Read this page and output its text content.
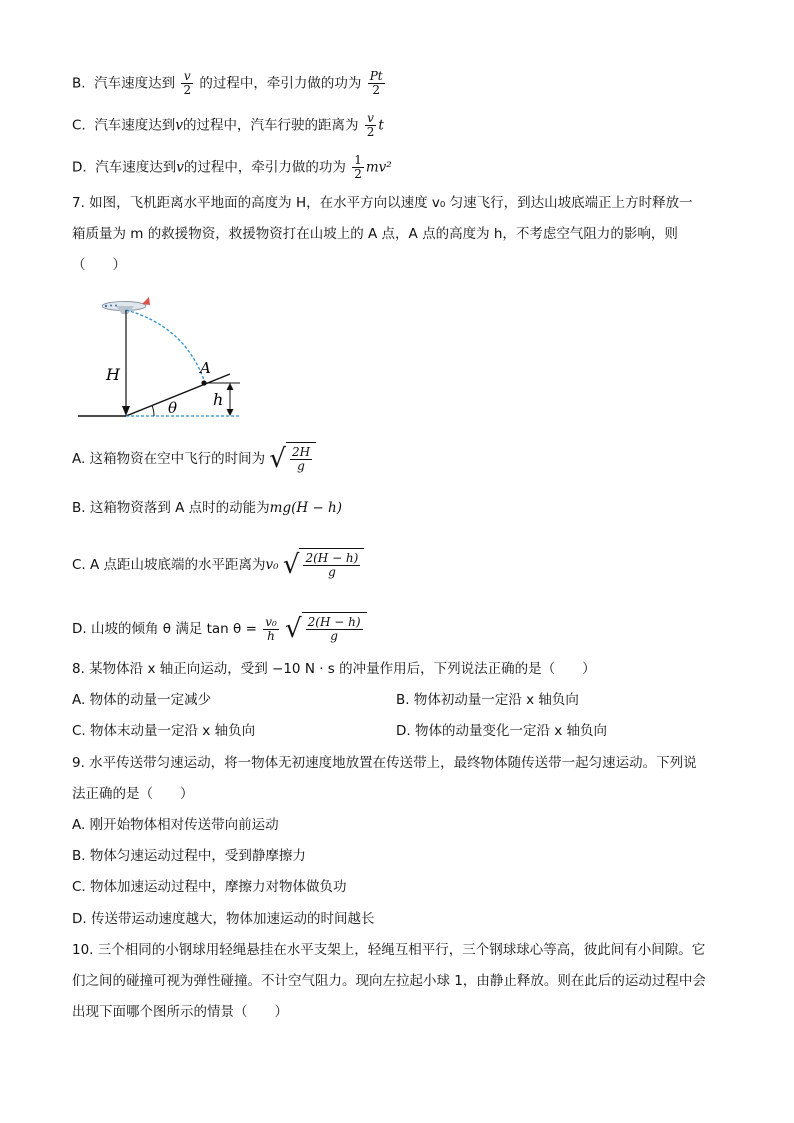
B. 汽车速度达到 $\frac{v}{2}$ 的过程中，牵引力做的功为 $\frac{Pt}{2}$
C. 汽车速度达到v的过程中，汽车行驶的距离为 $\frac{v}{2}$ t
D. 汽车速度达到v的过程中，牵引力做的功为 $\frac{1}{2} mv^2$
7. 如图，飞机距离水平地面的高度为 H，在水平方向以速度 v₀ 匀速飞行，到达山坡底端正上方时释放一
箱质量为 m 的救援物资，救援物资打在山坡上的 A 点，A 点的高度为 h，不考虑空气阻力的影响，则
（　　）
H	A
h
θ
A. 这箱物资在空中飞行的时间为 √ $\frac{2H}{g}$
B. 这箱物资落到 A 点时的动能为mg(H − h)
C. A 点距山坡底端的水平距离为v₀ √ $\frac{2(H - h)}{g}$
D. 山坡的倾角 θ 满足 $\tan \theta = \frac{\text{v₀}}{h}$
√ $\frac{2(H - h)}{g}$
8. 某物体沿 x 轴正向运动，受到 −10 N · s 的冲量作用后，下列说法正确的是（　　）
A. 物体的动量一定减少	B. 物体初动量一定沿 x 轴负向
C. 物体末动量一定沿 x 轴负向	D. 物体的动量变化一定沿 x 轴负向
9. 水平传送带匀速运动，将一物体无初速度地放置在传送带上，最终物体随传送带一起匀速运动。下列说
法正确的是（　　）
A. 刚开始物体相对传送带向前运动
B. 物体匀速运动过程中，受到静摩擦力
C. 物体加速运动过程中，摩擦力对物体做负功
D. 传送带运动速度越大，物体加速运动的时间越长
10. 三个相同的小钢球用轻绳悬挂在水平支架上，轻绳互相平行，三个钢球球心等高，彼此间有小间隙。它
们之间的碰撞可视为弹性碰撞。不计空气阻力。现向左拉起小球 1，由静止释放。则在此后的运动过程中会
出现下面哪个图所示的情景（　　）
